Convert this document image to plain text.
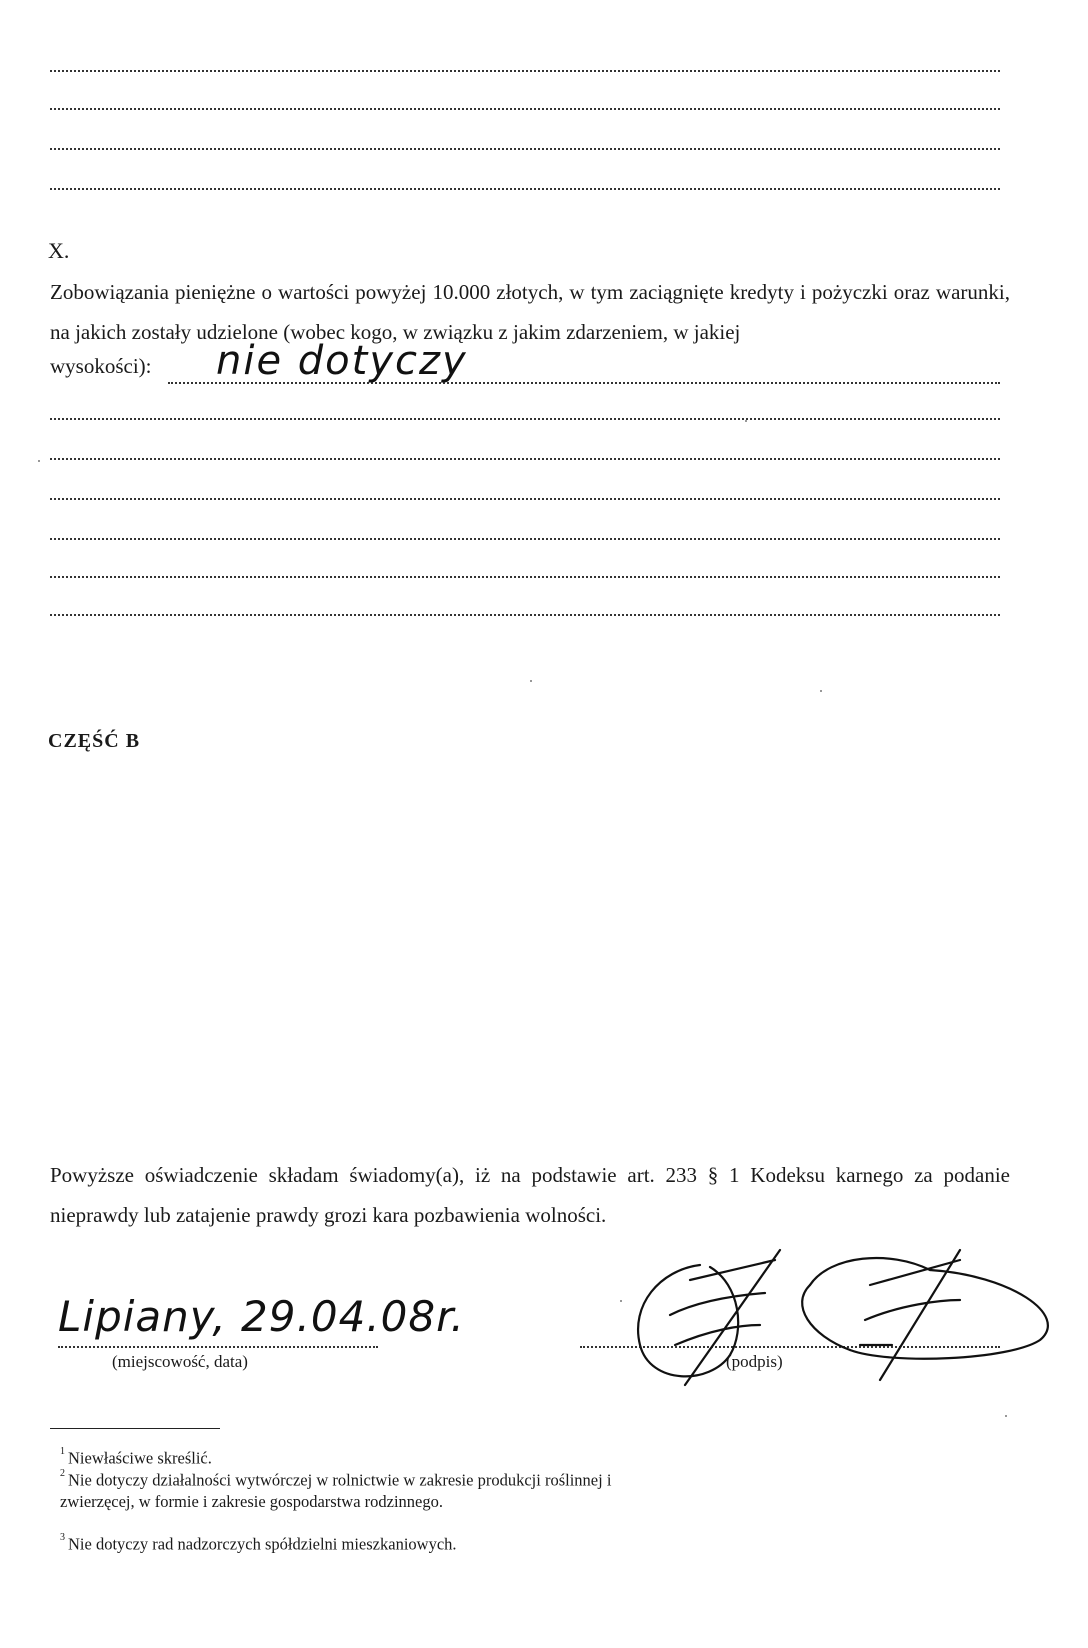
X.
Zobowiązania pieniężne o wartości powyżej 10.000 złotych, w tym zaciągnięte kredyty i pożyczki oraz warunki, na jakich zostały udzielone (wobec kogo, w związku z jakim zdarzeniem, w jakiej
wysokości): nie dotyczy
CZĘŚĆ B
Powyższe oświadczenie składam świadomy(a), iż na podstawie art. 233 § 1 Kodeksu karnego za podanie nieprawdy lub zatajenie prawdy grozi kara pozbawienia wolności.
Lipiany, 29.04.08r.
(miejscowość, data)	(podpis)
$^1$ Niewłaściwe skreślić.
$^2$ Nie dotyczy działalności wytwórczej w rolnictwie w zakresie produkcji roślinnej i zwierzęcej, w formie i zakresie gospodarstwa rodzinnego.
$^3$ Nie dotyczy rad nadzorczych spółdzielni mieszkaniowych.
